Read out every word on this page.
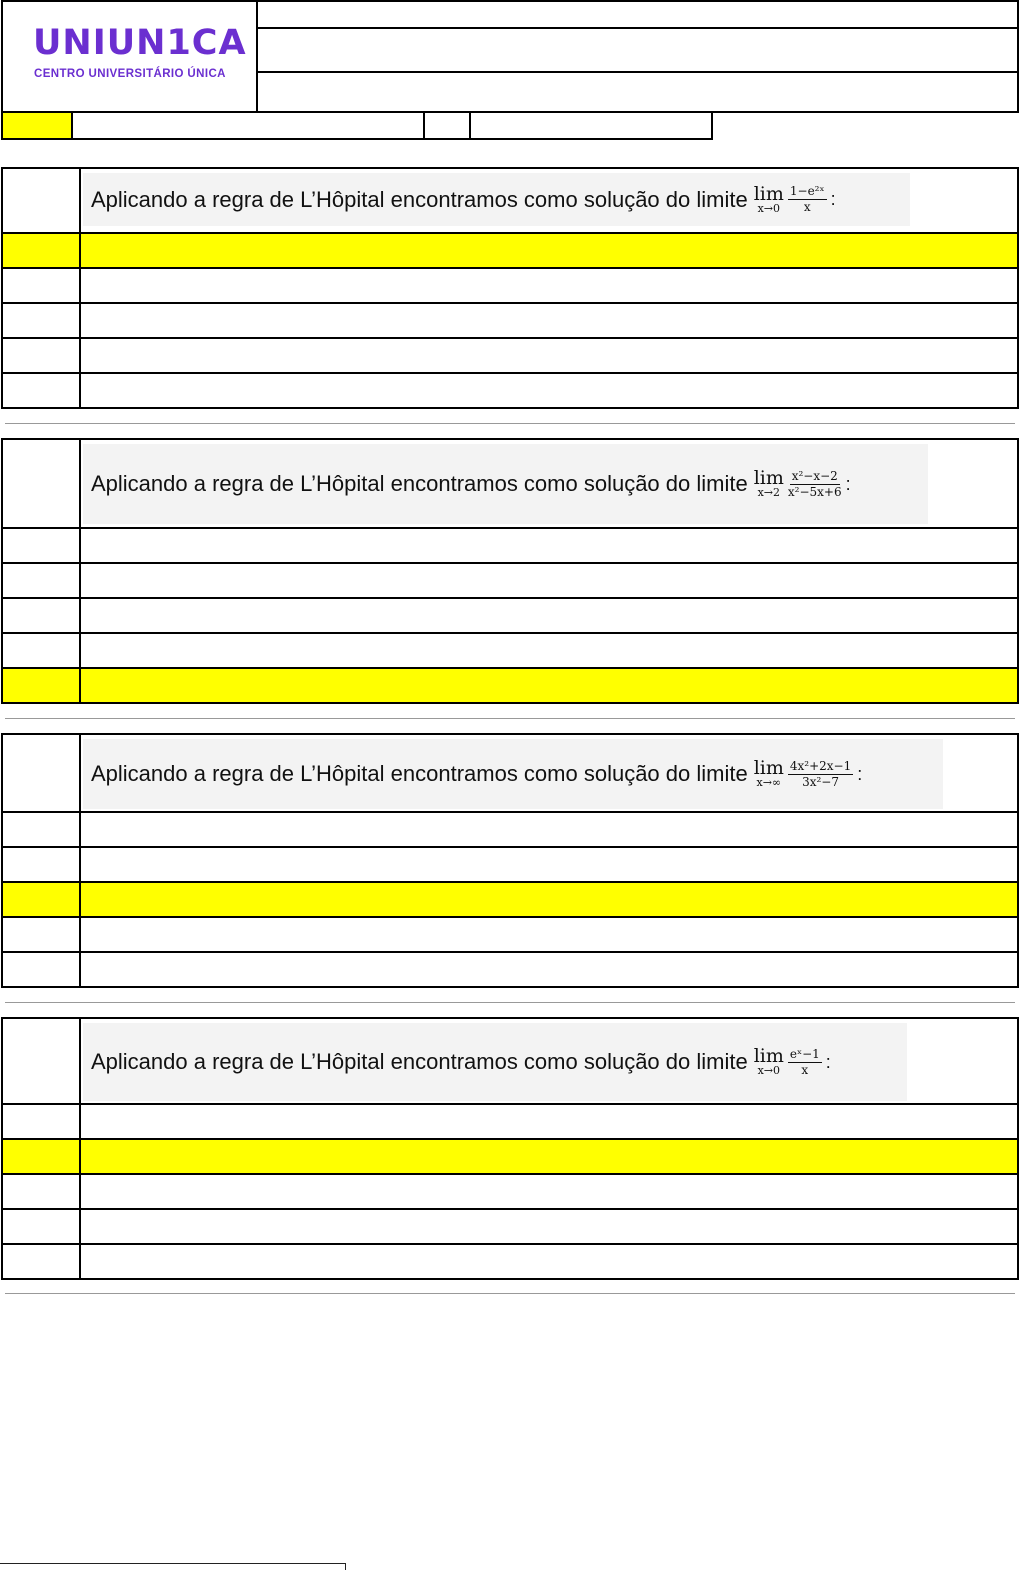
UNIUN1CA
CENTRO UNIVERSITÁRIO ÚNICA
Aplicando a regra de L’Hôpital encontramos como solução do limite lim
$x\to 0 \frac{\text{1−e²ˣ}}{x}$ :
Aplicando a regra de L’Hôpital encontramos como solução do limite lim
$x\to 2 \frac{\text{x²−x−2}}{\text{x²−5x+6}}$ :
Aplicando a regra de L’Hôpital encontramos como solução do limite lim
$x\to\infty \frac{\text{4x²+2x−1}}{\text{3x²−7}}$ :
Aplicando a regra de L’Hôpital encontramos como solução do limite lim
$x\to 0 \frac{\text{eˣ−1}}{x}$ :
